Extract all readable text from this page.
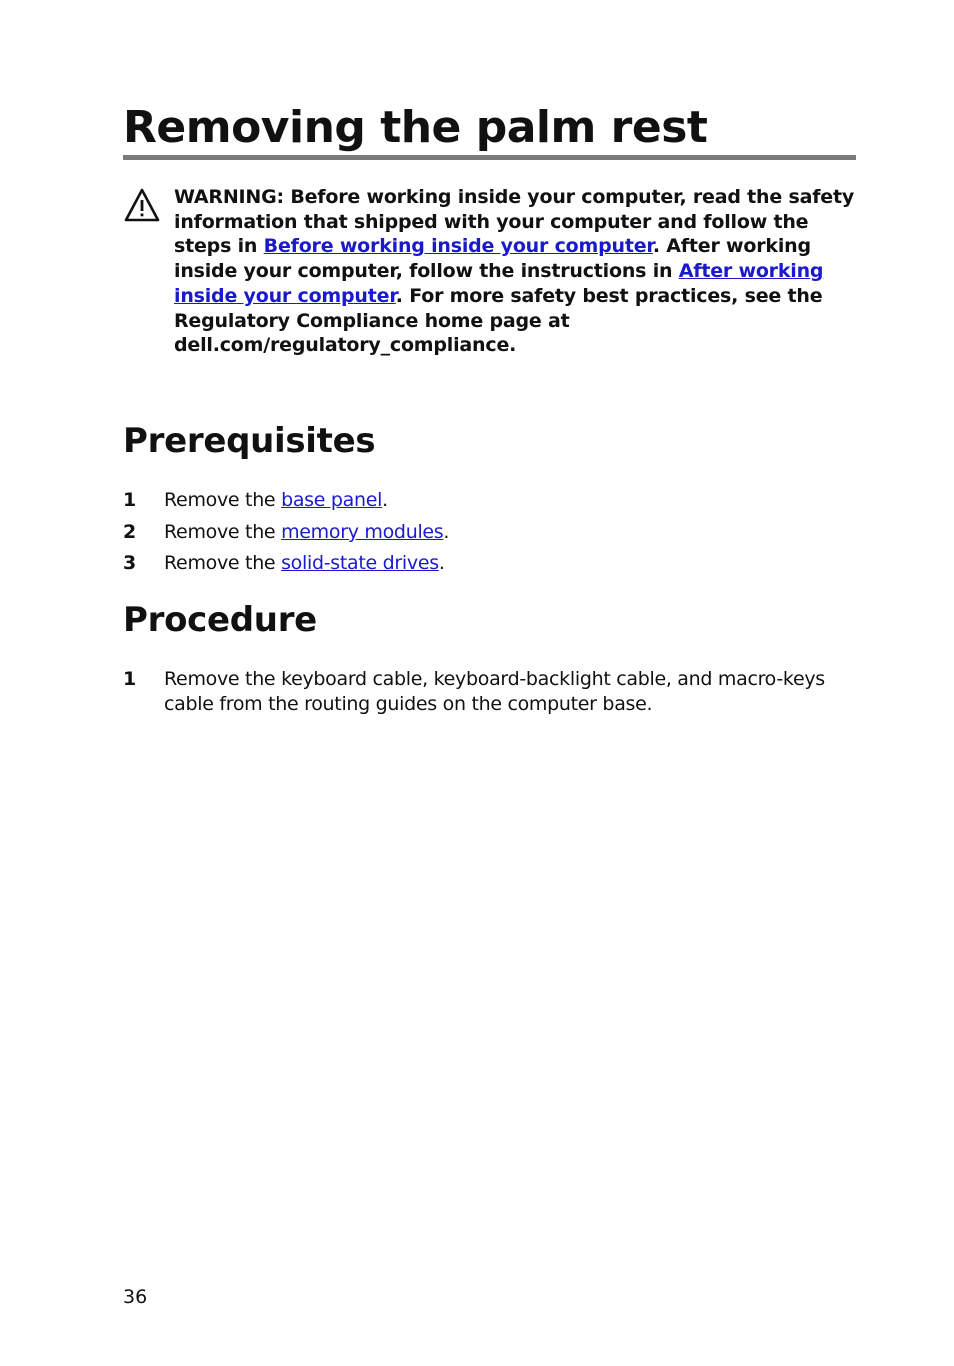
Removing the palm rest

WARNING: Before working inside your computer, read the safety information that shipped with your computer and follow the steps in Before working inside your computer. After working inside your computer, follow the instructions in After working inside your computer. For more safety best practices, see the Regulatory Compliance home page at dell.com/regulatory_compliance.

Prerequisites
1 Remove the base panel.
2 Remove the memory modules.
3 Remove the solid-state drives.
Procedure
1 Remove the keyboard cable, keyboard-backlight cable, and macro-keys cable from the routing guides on the computer base.
36
